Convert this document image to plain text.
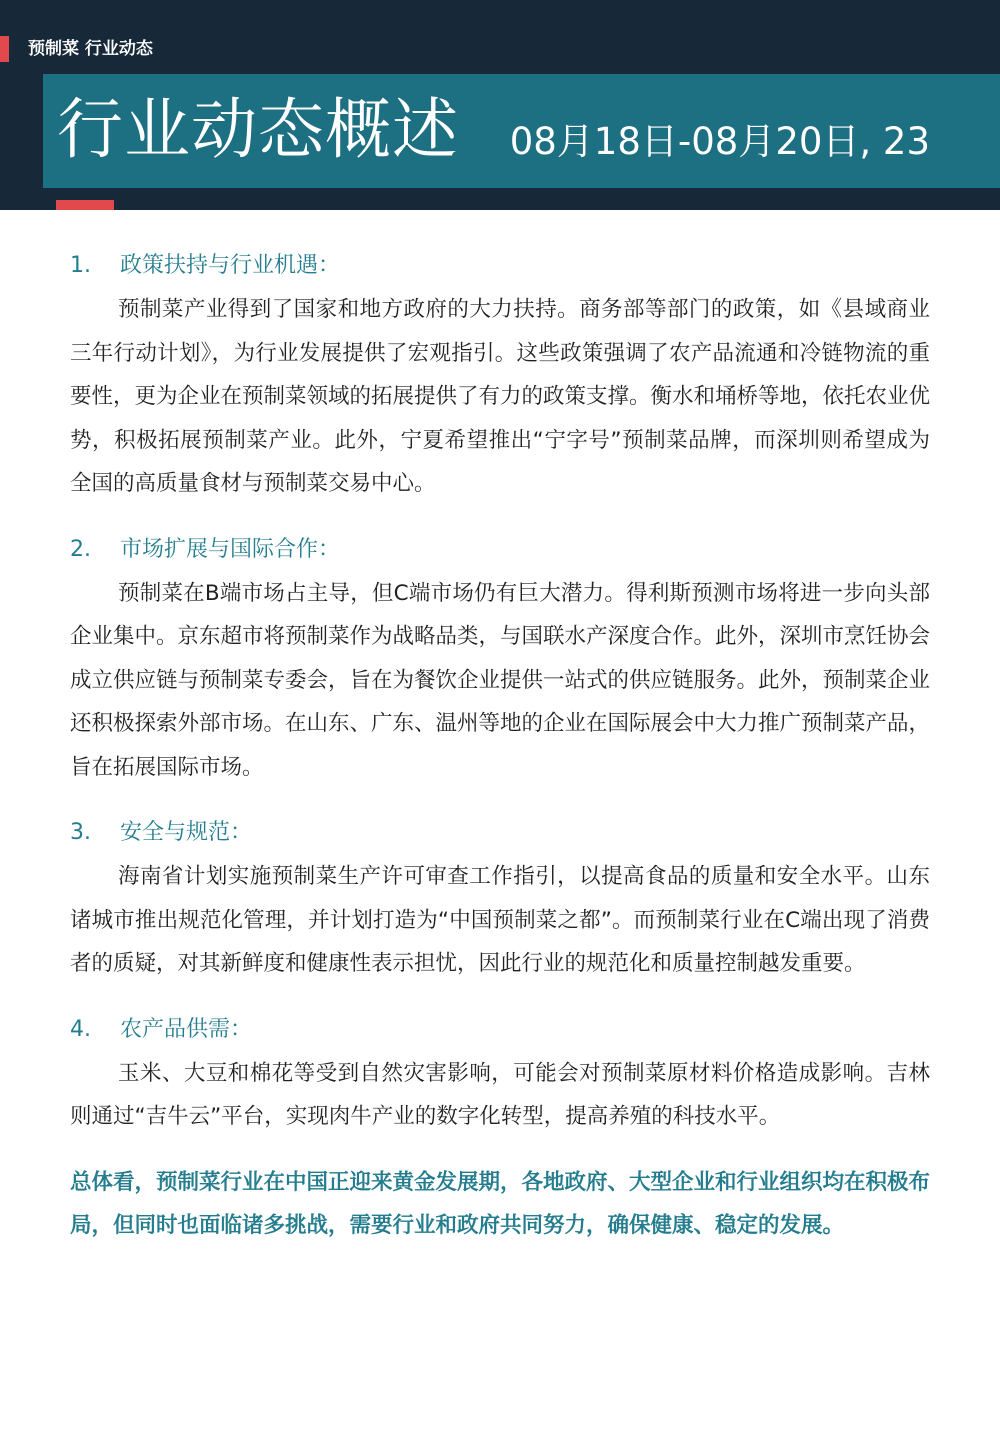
预制菜 行业动态
行业动态概述 08月18日-08月20日, 23
1. 政策扶持与行业机遇：

预制菜产业得到了国家和地方政府的大力扶持。商务部等部门的政策，如《县域商业三年行动计划》，为行业发展提供了宏观指引。这些政策强调了农产品流通和冷链物流的重要性，更为企业在预制菜领域的拓展提供了有力的政策支撑。衡水和埇桥等地，依托农业优势，积极拓展预制菜产业。此外，宁夏希望推出“宁字号”预制菜品牌，而深圳则希望成为全国的高质量食材与预制菜交易中心。

2. 市场扩展与国际合作：

预制菜在B端市场占主导，但C端市场仍有巨大潜力。得利斯预测市场将进一步向头部企业集中。京东超市将预制菜作为战略品类，与国联水产深度合作。此外，深圳市烹饪协会成立供应链与预制菜专委会，旨在为餐饮企业提供一站式的供应链服务。此外，预制菜企业还积极探索外部市场。在山东、广东、温州等地的企业在国际展会中大力推广预制菜产品，旨在拓展国际市场。

3. 安全与规范：

海南省计划实施预制菜生产许可审查工作指引，以提高食品的质量和安全水平。山东诸城市推出规范化管理，并计划打造为“中国预制菜之都”。而预制菜行业在C端出现了消费者的质疑，对其新鲜度和健康性表示担忧，因此行业的规范化和质量控制越发重要。

4. 农产品供需：

玉米、大豆和棉花等受到自然灾害影响，可能会对预制菜原材料价格造成影响。吉林则通过“吉牛云”平台，实现肉牛产业的数字化转型，提高养殖的科技水平。

总体看，预制菜行业在中国正迎来黄金发展期，各地政府、大型企业和行业组织均在积极布局，但同时也面临诸多挑战，需要行业和政府共同努力，确保健康、稳定的发展。
